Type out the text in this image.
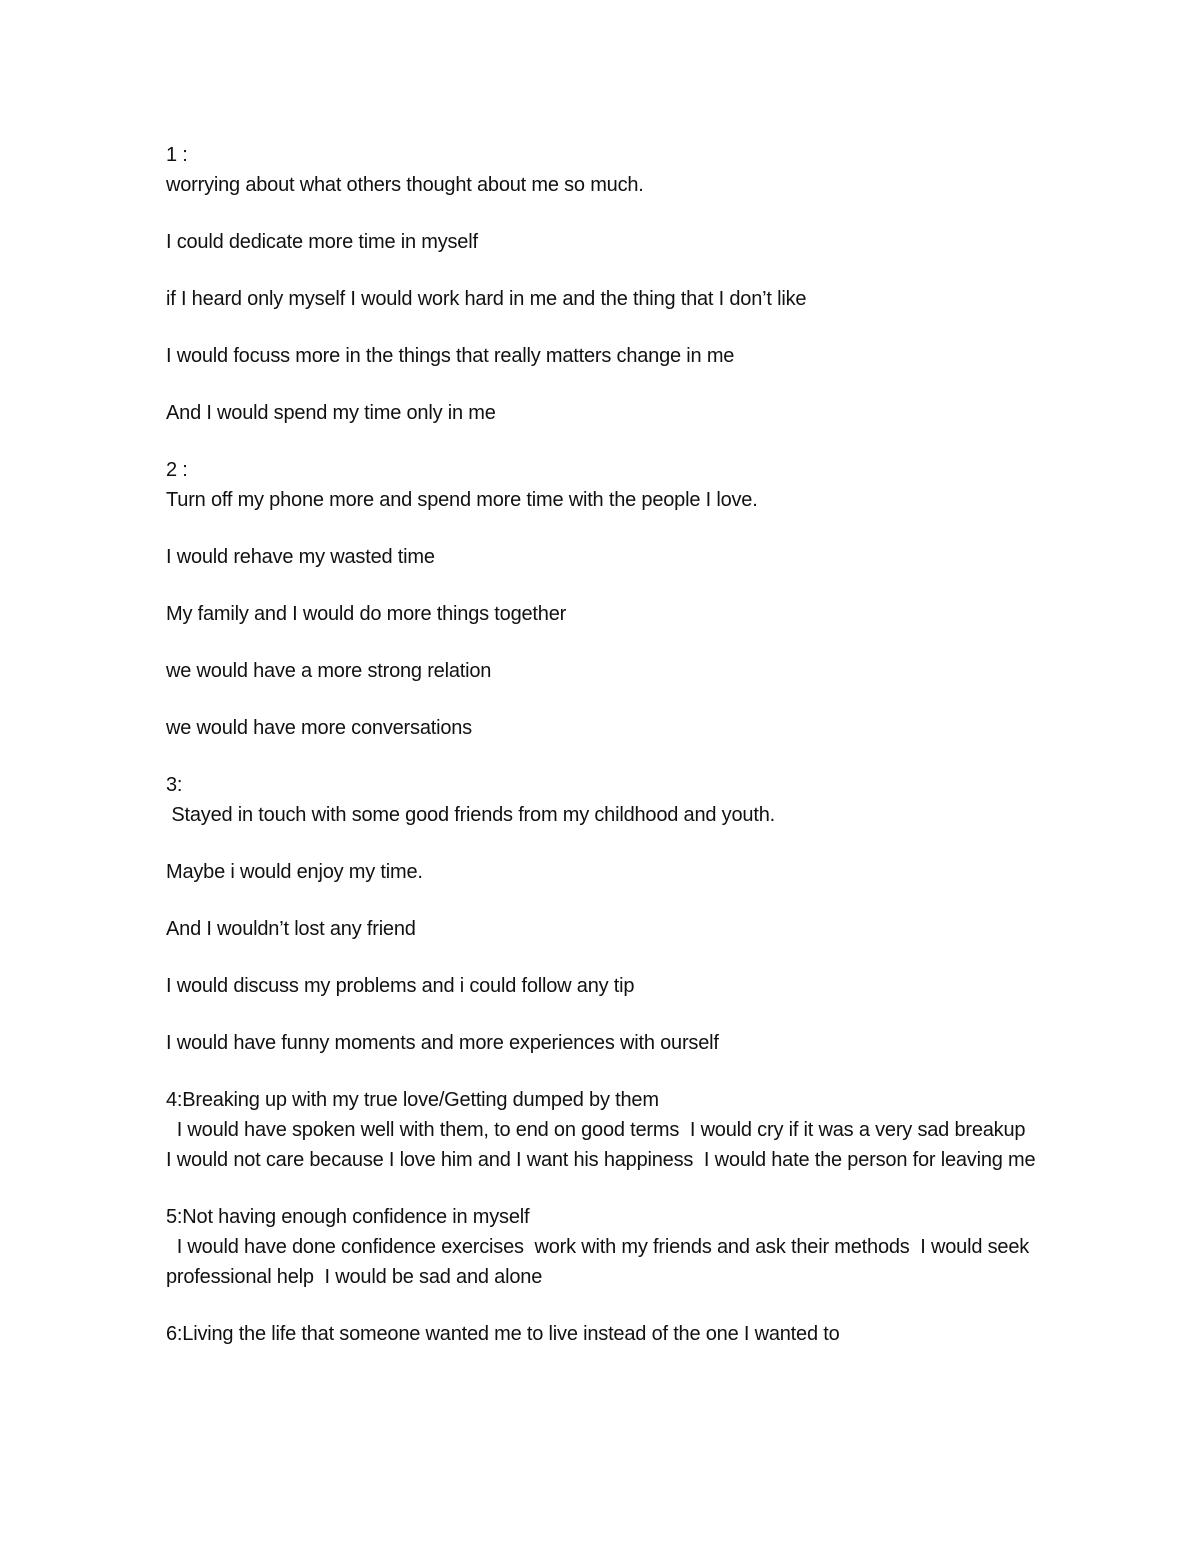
1 :
worrying about what others thought about me so much.
I could dedicate more time in myself
if I heard only myself I would work hard in me and the thing that I don’t like
I would focuss more in the things that really matters change in me
And I would spend my time only in me
2 :
Turn off my phone more and spend more time with the people I love.
I would rehave my wasted time
My family and I would do more things together
we would have a more strong relation
we would have more conversations
3:
Stayed in touch with some good friends from my childhood and youth.
Maybe i would enjoy my time.
And I wouldn’t lost any friend
I would discuss my problems and i could follow any tip
I would have funny moments and more experiences with ourself
4:Breaking up with my true love/Getting dumped by them
I would have spoken well with them, to end on good terms  I would cry if it was a very sad breakup  I would not care because I love him and I want his happiness  I would hate the person for leaving me
5:Not having enough confidence in myself
I would have done confidence exercises  work with my friends and ask their methods  I would seek professional help  I would be sad and alone
6:Living the life that someone wanted me to live instead of the one I wanted to
